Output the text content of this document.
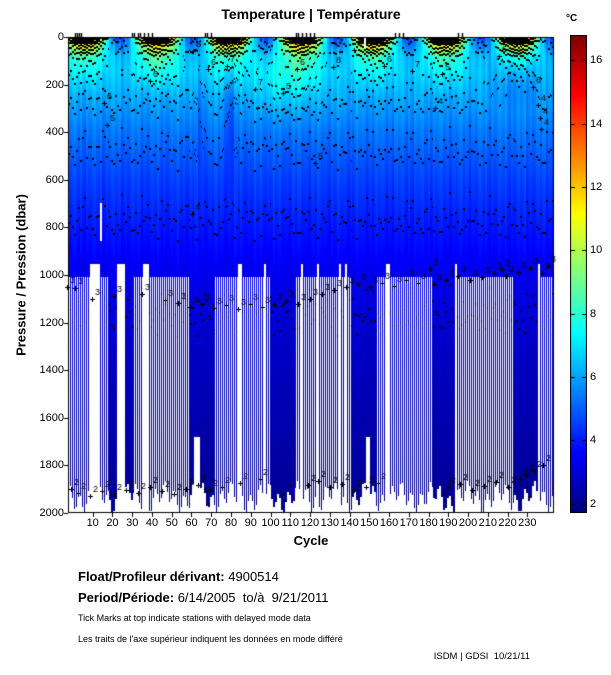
Temperature | Température	°C
0
200
400
600
800
1000
1200
1400
1600
1800
2000
10 20 30 40 50 60 70 80 90 100 110 120 130 140 150 160 170 180 190 200 210 220 230
16
14
12
10
8
6
4
2
Pressure / Pression (dbar)
Cycle
Float/Profileur dérivant: 4900514
Period/Période: 6/14/2005  to/à  9/21/2011
Tick Marks at top indicate stations with delayed mode data
Les traits de l'axe supérieur indiquent les données en mode différé
ISDM | GDSI  10/21/11
